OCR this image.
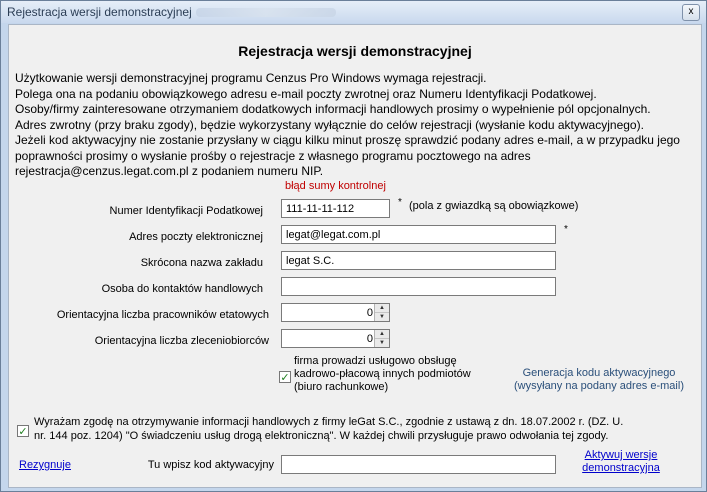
Rejestracja wersji demonstracyjnej	x
Rejestracja wersji demonstracyjnej

Użytkowanie wersji demonstracyjnej programu Cenzus Pro Windows wymaga rejestracji.

Polega ona na podaniu obowiązkowego adresu e-mail poczty zwrotnej oraz Numeru Identyfikacji Podatkowej.

Osoby/firmy zainteresowane otrzymaniem dodatkowych informacji handlowych prosimy o wypełnienie pól opcjonalnych.

Adres zwrotny (przy braku zgody), będzie wykorzystany wyłącznie do celów rejestracji (wysłanie kodu aktywacyjnego).

Jeżeli kod aktywacyjny nie zostanie przysłany w ciągu kilku minut proszę sprawdzić podany adres e-mail, a w przypadku jego poprawności prosimy o wysłanie prośby o rejestracje z własnego programu pocztowego na adres rejestracja@cenzus.legat.com.pl z podaniem numeru NIP.

błąd sumy kontrolnej
Numer Identyfikacji Podatkowej	111-11-11-112
* (pola z gwiazdką są obowiązkowe)
Adres poczty elektronicznej	legat@legat.com.pl	*
Skrócona nazwa zakładu	legat S.C.
Osoba do kontaktów handlowych
Orientacyjna liczba pracowników etatowych	0	▲
▼
Orientacyjna liczba zleceniobiorców	0	▲
▼
✓
firma prowadzi usługowo obsługę kadrowo-płacową innych podmiotów (biuro rachunkowe)
Generacja kodu aktywacyjnego
(wysyłany na podany adres e-mail)
✓
Wyrażam zgodę na otrzymywanie informacji handlowych z firmy leGat S.C., zgodnie z ustawą z dn. 18.07.2002 r. (DZ. U. nr. 144 poz. 1204) "O świadczeniu usług drogą elektroniczną". W każdej chwili przysługuje prawo odwołania tej zgody.
Rezygnuje	Tu wpisz kod aktywacyjny
Aktywuj wersje demonstracyjna
